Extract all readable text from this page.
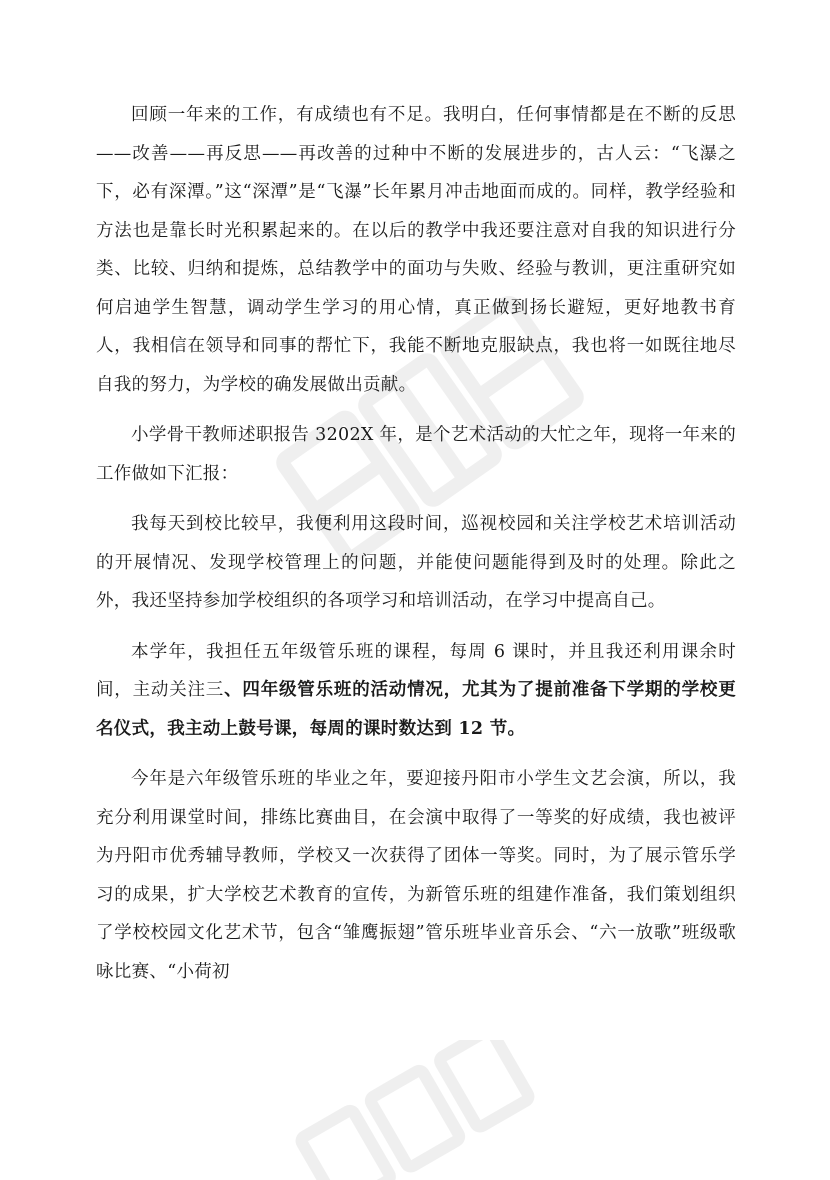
回顾一年来的工作，有成绩也有不足。我明白，任何事情都是在不断的反思——改善——再反思——再改善的过种中不断的发展进步的，古人云：“飞瀑之下，必有深潭。”这“深潭”是“飞瀑”长年累月冲击地面而成的。同样，教学经验和方法也是靠长时光积累起来的。在以后的教学中我还要注意对自我的知识进行分类、比较、归纳和提炼，总结教学中的面功与失败、经验与教训，更注重研究如何启迪学生智慧，调动学生学习的用心情，真正做到扬长避短，更好地教书育人，我相信在领导和同事的帮忙下，我能不断地克服缺点，我也将一如既往地尽自我的努力，为学校的确发展做出贡献。

小学骨干教师述职报告 3202X 年，是个艺术活动的大忙之年，现将一年来的工作做如下汇报：

我每天到校比较早，我便利用这段时间，巡视校园和关注学校艺术培训活动的开展情况、发现学校管理上的问题，并能使问题能得到及时的处理。除此之外，我还坚持参加学校组织的各项学习和培训活动，在学习中提高自己。

本学年，我担任五年级管乐班的课程，每周 6 课时，并且我还利用课余时间，主动关注三、四年级管乐班的活动情况，尤其为了提前准备下学期的学校更名仪式，我主动上鼓号课，每周的课时数达到 12 节。

今年是六年级管乐班的毕业之年，要迎接丹阳市小学生文艺会演，所以，我充分利用课堂时间，排练比赛曲目，在会演中取得了一等奖的好成绩，我也被评为丹阳市优秀辅导教师，学校又一次获得了团体一等奖。同时，为了展示管乐学习的成果，扩大学校艺术教育的宣传，为新管乐班的组建作准备，我们策划组织了学校校园文化艺术节，包含“雏鹰振翅”管乐班毕业音乐会、“六一放歌”班级歌咏比赛、“小荷初
